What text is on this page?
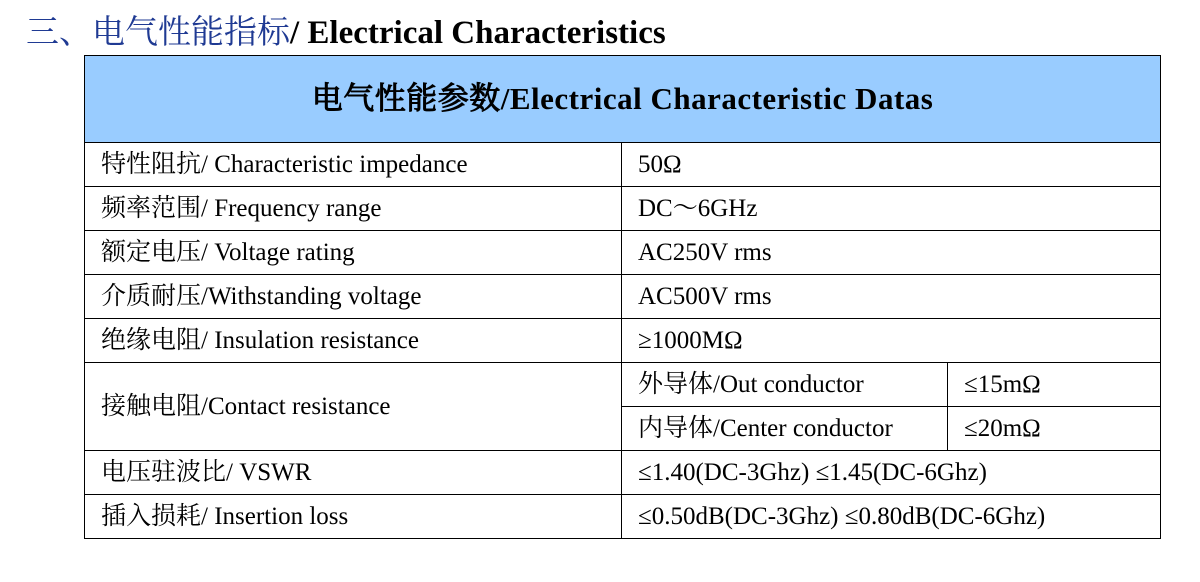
三、电气性能指标/ Electrical Characteristics
电气性能参数/Electrical Characteristic Datas		
特性阻抗/ Characteristic impedance	50Ω	
频率范围/ Frequency range	DC～6GHz	
额定电压/ Voltage rating	AC250V rms	
介质耐压/Withstanding voltage	AC500V rms	
绝缘电阻/ Insulation resistance	≥1000MΩ	
接触电阻/Contact resistance	外导体/Out conductor	≤15mΩ
	内导体/Center conductor	≤20mΩ
电压驻波比/ VSWR	≤1.40(DC-3Ghz) ≤1.45(DC-6Ghz)	
插入损耗/ Insertion loss	≤0.50dB(DC-3Ghz) ≤0.80dB(DC-6Ghz)	
